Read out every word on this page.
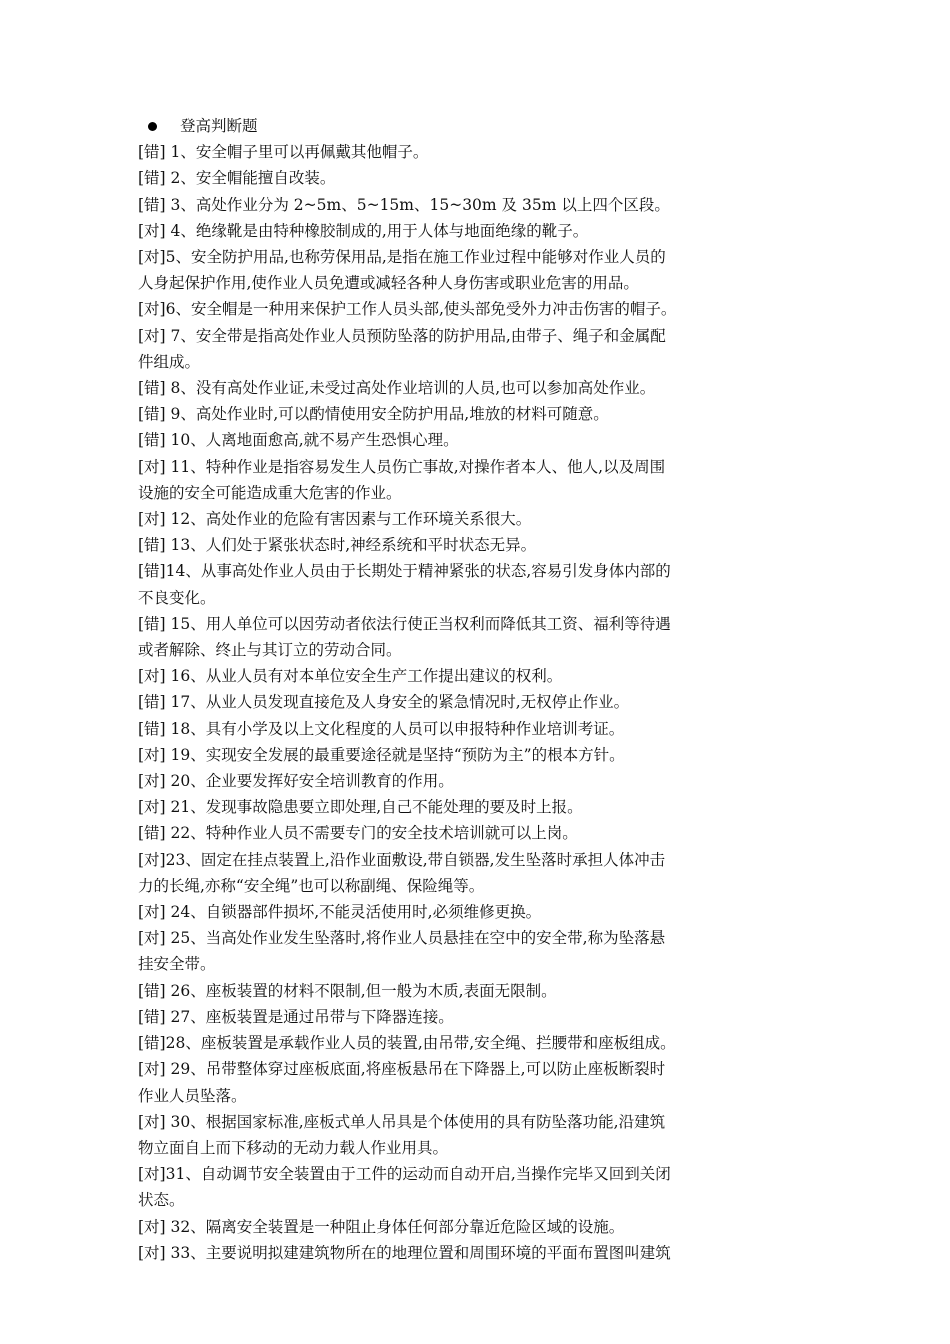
登高判断题
[错] 1、安全帽子里可以再佩戴其他帽子。
[错] 2、安全帽能擅自改装。
[错] 3、高处作业分为 2~5m、5~15m、15~30m 及 35m 以上四个区段。
[对] 4、绝缘靴是由特种橡胶制成的,用于人体与地面绝缘的靴子。
[对]5、安全防护用品,也称劳保用品,是指在施工作业过程中能够对作业人员的
人身起保护作用,使作业人员免遭或减轻各种人身伤害或职业危害的用品。
[对]6、安全帽是一种用来保护工作人员头部,使头部免受外力冲击伤害的帽子。
[对] 7、安全带是指高处作业人员预防坠落的防护用品,由带子、绳子和金属配
件组成。
[错] 8、没有高处作业证,未受过高处作业培训的人员,也可以参加高处作业。
[错] 9、高处作业时,可以酌情使用安全防护用品,堆放的材料可随意。
[错] 10、人离地面愈高,就不易产生恐惧心理。
[对] 11、特种作业是指容易发生人员伤亡事故,对操作者本人、他人,以及周围
设施的安全可能造成重大危害的作业。
[对] 12、高处作业的危险有害因素与工作环境关系很大。
[错] 13、人们处于紧张状态时,神经系统和平时状态无异。
[错]14、从事高处作业人员由于长期处于精神紧张的状态,容易引发身体内部的
不良变化。
[错] 15、用人单位可以因劳动者依法行使正当权利而降低其工资、福利等待遇
或者解除、终止与其订立的劳动合同。
[对] 16、从业人员有对本单位安全生产工作提出建议的权利。
[错] 17、从业人员发现直接危及人身安全的紧急情况时,无权停止作业。
[错] 18、具有小学及以上文化程度的人员可以申报特种作业培训考证。
[对] 19、实现安全发展的最重要途径就是坚持“预防为主”的根本方针。
[对] 20、企业要发挥好安全培训教育的作用。
[对] 21、发现事故隐患要立即处理,自己不能处理的要及时上报。
[错] 22、特种作业人员不需要专门的安全技术培训就可以上岗。
[对]23、固定在挂点装置上,沿作业面敷设,带自锁器,发生坠落时承担人体冲击
力的长绳,亦称“安全绳”也可以称副绳、保险绳等。
[对] 24、自锁器部件损坏,不能灵活使用时,必须维修更换。
[对] 25、当高处作业发生坠落时,将作业人员悬挂在空中的安全带,称为坠落悬
挂安全带。
[错] 26、座板装置的材料不限制,但一般为木质,表面无限制。
[错] 27、座板装置是通过吊带与下降器连接。
[错]28、座板装置是承载作业人员的装置,由吊带,安全绳、拦腰带和座板组成。
[对] 29、吊带整体穿过座板底面,将座板悬吊在下降器上,可以防止座板断裂时
作业人员坠落。
[对] 30、根据国家标准,座板式单人吊具是个体使用的具有防坠落功能,沿建筑
物立面自上而下移动的无动力载人作业用具。
[对]31、自动调节安全装置由于工件的运动而自动开启,当操作完毕又回到关闭
状态。
[对] 32、隔离安全装置是一种阻止身体任何部分靠近危险区域的设施。
[对] 33、主要说明拟建建筑物所在的地理位置和周围环境的平面布置图叫建筑
